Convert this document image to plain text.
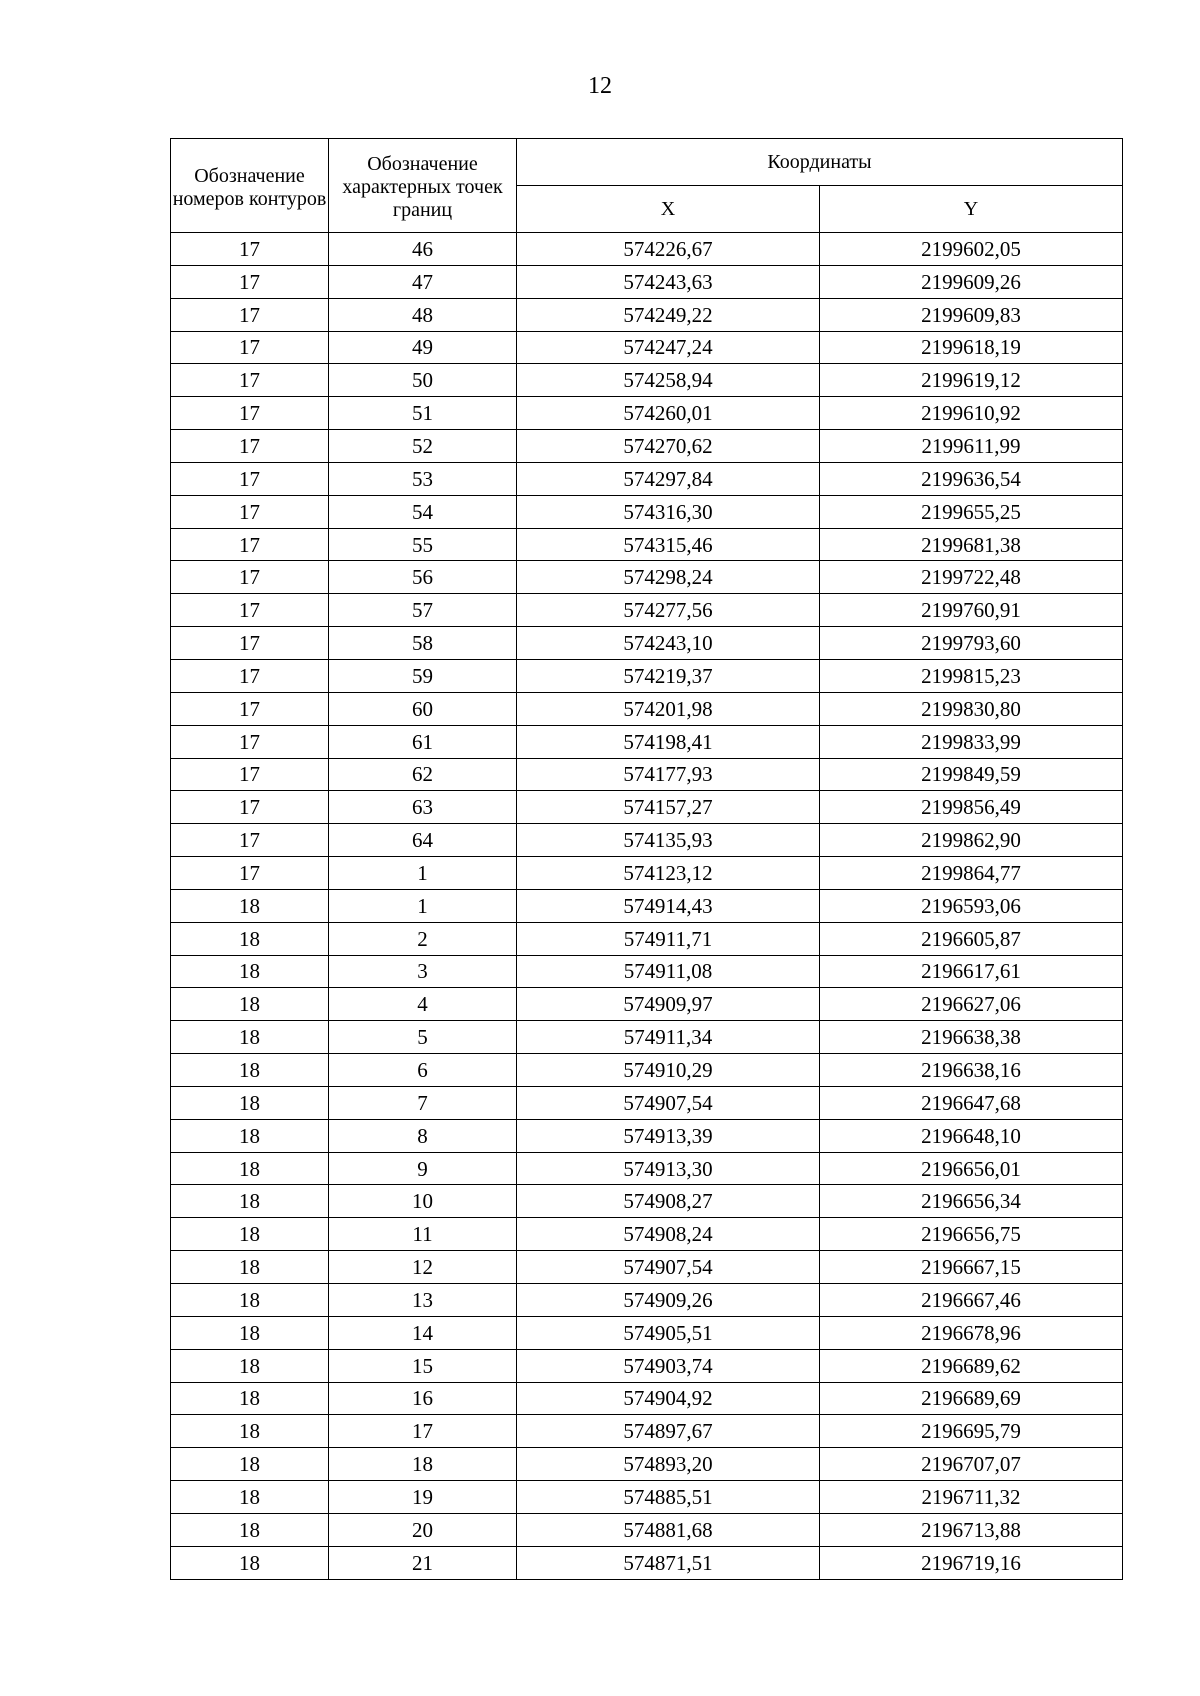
12
Обозначение номеров контуров	Обозначение характерных точек границ	Координаты	
		X	Y
17	46	574226,67	2199602,05
17	47	574243,63	2199609,26
17	48	574249,22	2199609,83
17	49	574247,24	2199618,19
17	50	574258,94	2199619,12
17	51	574260,01	2199610,92
17	52	574270,62	2199611,99
17	53	574297,84	2199636,54
17	54	574316,30	2199655,25
17	55	574315,46	2199681,38
17	56	574298,24	2199722,48
17	57	574277,56	2199760,91
17	58	574243,10	2199793,60
17	59	574219,37	2199815,23
17	60	574201,98	2199830,80
17	61	574198,41	2199833,99
17	62	574177,93	2199849,59
17	63	574157,27	2199856,49
17	64	574135,93	2199862,90
17	1	574123,12	2199864,77
18	1	574914,43	2196593,06
18	2	574911,71	2196605,87
18	3	574911,08	2196617,61
18	4	574909,97	2196627,06
18	5	574911,34	2196638,38
18	6	574910,29	2196638,16
18	7	574907,54	2196647,68
18	8	574913,39	2196648,10
18	9	574913,30	2196656,01
18	10	574908,27	2196656,34
18	11	574908,24	2196656,75
18	12	574907,54	2196667,15
18	13	574909,26	2196667,46
18	14	574905,51	2196678,96
18	15	574903,74	2196689,62
18	16	574904,92	2196689,69
18	17	574897,67	2196695,79
18	18	574893,20	2196707,07
18	19	574885,51	2196711,32
18	20	574881,68	2196713,88
18	21	574871,51	2196719,16
